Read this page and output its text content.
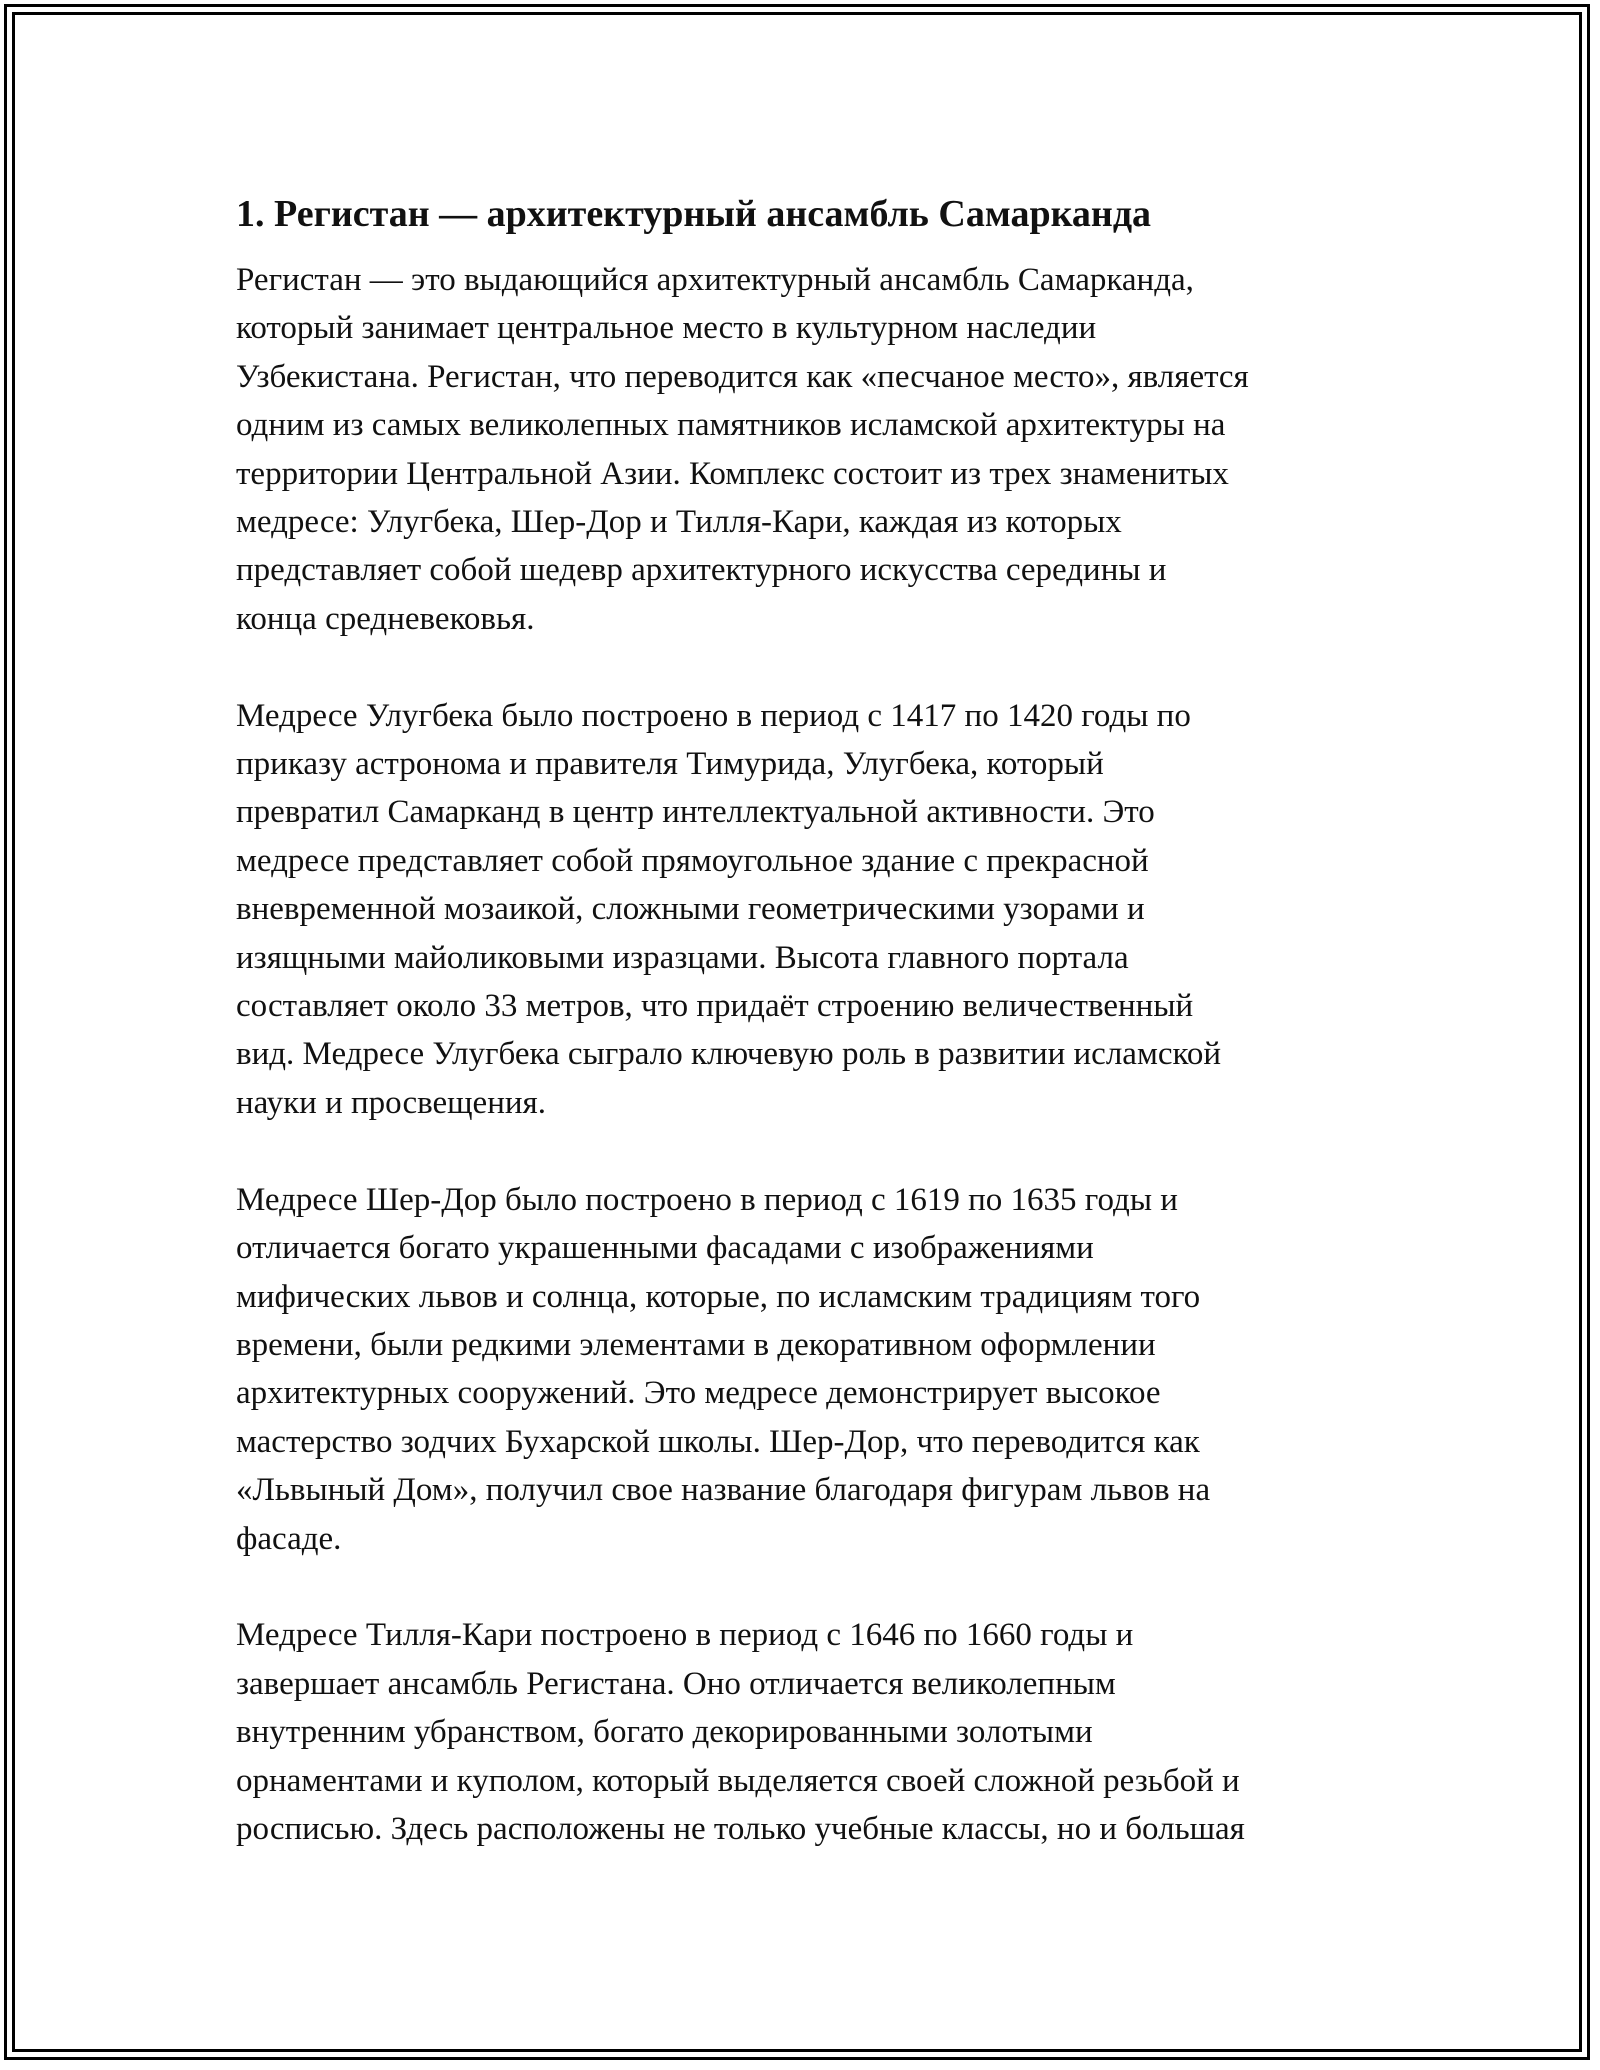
1. Регистан — архитектурный ансамбль Самарканда
Регистан — это выдающийся архитектурный ансамбль Самарканда,
который занимает центральное место в культурном наследии
Узбекистана. Регистан, что переводится как «песчаное место», является
одним из самых великолепных памятников исламской архитектуры на
территории Центральной Азии. Комплекс состоит из трех знаменитых
медресе: Улугбека, Шер-Дор и Тилля-Кари, каждая из которых
представляет собой шедевр архитектурного искусства середины и
конца средневековья.
Медресе Улугбека было построено в период с 1417 по 1420 годы по
приказу астронома и правителя Тимурида, Улугбека, который
превратил Самарканд в центр интеллектуальной активности. Это
медресе представляет собой прямоугольное здание с прекрасной
вневременной мозаикой, сложными геометрическими узорами и
изящными майоликовыми изразцами. Высота главного портала
составляет около 33 метров, что придаёт строению величественный
вид. Медресе Улугбека сыграло ключевую роль в развитии исламской
науки и просвещения.
Медресе Шер-Дор было построено в период с 1619 по 1635 годы и
отличается богато украшенными фасадами с изображениями
мифических львов и солнца, которые, по исламским традициям того
времени, были редкими элементами в декоративном оформлении
архитектурных сооружений. Это медресе демонстрирует высокое
мастерство зодчих Бухарской школы. Шер-Дор, что переводится как
«Львыный Дом», получил свое название благодаря фигурам львов на
фасаде.
Медресе Тилля-Кари построено в период с 1646 по 1660 годы и
завершает ансамбль Регистана. Оно отличается великолепным
внутренним убранством, богато декорированными золотыми
орнаментами и куполом, который выделяется своей сложной резьбой и
росписью. Здесь расположены не только учебные классы, но и большая
